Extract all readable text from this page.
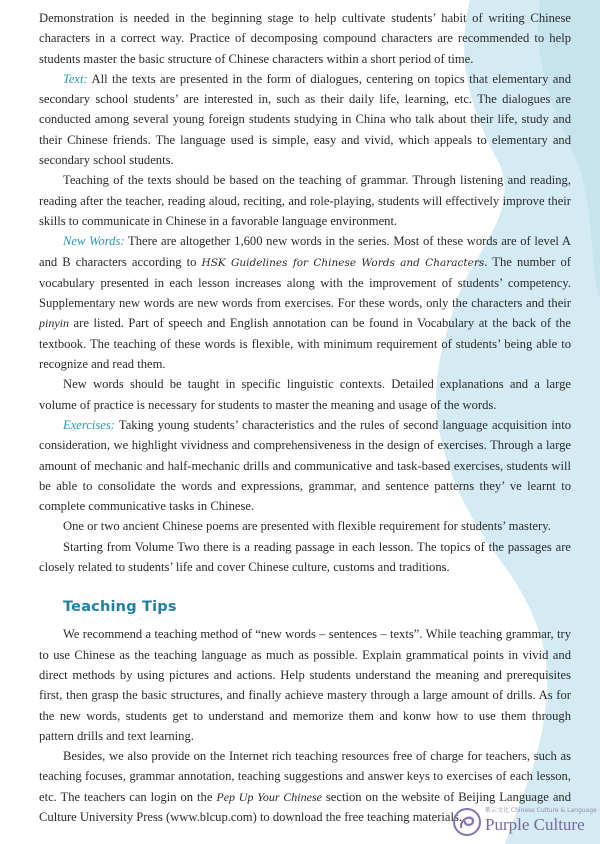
Demonstration is needed in the beginning stage to help cultivate students’ habit of writing Chinese characters in a correct way. Practice of decomposing compound characters are recommended to help students master the basic structure of Chinese characters within a short period of time.

Text: All the texts are presented in the form of dialogues, centering on topics that elementary and secondary school students’ are interested in, such as their daily life, learning, etc. The dialogues are conducted among several young foreign students studying in China who talk about their life, study and their Chinese friends. The language used is simple, easy and vivid, which appeals to elementary and secondary school students.

Teaching of the texts should be based on the teaching of grammar. Through listening and reading, reading after the teacher, reading aloud, reciting, and role-playing, students will effectively improve their skills to communicate in Chinese in a favorable language environment.

New Words: There are altogether 1,600 new words in the series. Most of these words are of level A and B characters according to HSK Guidelines for Chinese Words and Characters. The number of vocabulary presented in each lesson increases along with the improvement of students’ competency. Supplementary new words are new words from exercises. For these words, only the characters and their pinyin are listed. Part of speech and English annotation can be found in Vocabulary at the back of the textbook. The teaching of these words is flexible, with minimum requirement of students’ being able to recognize and read them.

New words should be taught in specific linguistic contexts. Detailed explanations and a large volume of practice is necessary for students to master the meaning and usage of the words.

Exercises: Taking young students’ characteristics and the rules of second language acquisition into consideration, we highlight vividness and comprehensiveness in the design of exercises. Through a large amount of mechanic and half-mechanic drills and communicative and task-based exercises, students will be able to consolidate the words and expressions, grammar, and sentence patterns they’ ve learnt to complete communicative tasks in Chinese.

One or two ancient Chinese poems are presented with flexible requirement for students’ mastery.

Starting from Volume Two there is a reading passage in each lesson. The topics of the passages are closely related to students’ life and cover Chinese culture, customs and traditions.

Teaching Tips

We recommend a teaching method of “new words – sentences – texts”. While teaching grammar, try to use Chinese as the teaching language as much as possible. Explain grammatical points in vivid and direct methods by using pictures and actions. Help students understand the meaning and prerequisites first, then grasp the basic structures, and finally achieve mastery through a large amount of drills. As for the new words, students get to understand and memorize them and konw how to use them through pattern drills and text learning.

Besides, we also provide on the Internet rich teaching resources free of charge for teachers, such as teaching focuses, grammar annotation, teaching suggestions and answer keys to exercises of each lesson, etc. The teachers can login on the Pep Up Your Chinese section on the website of Beijing Language and Culture University Press (www.blcup.com) to download the free teaching materials.	紫云文化 Chinese Culture & Language
Purple Culture
